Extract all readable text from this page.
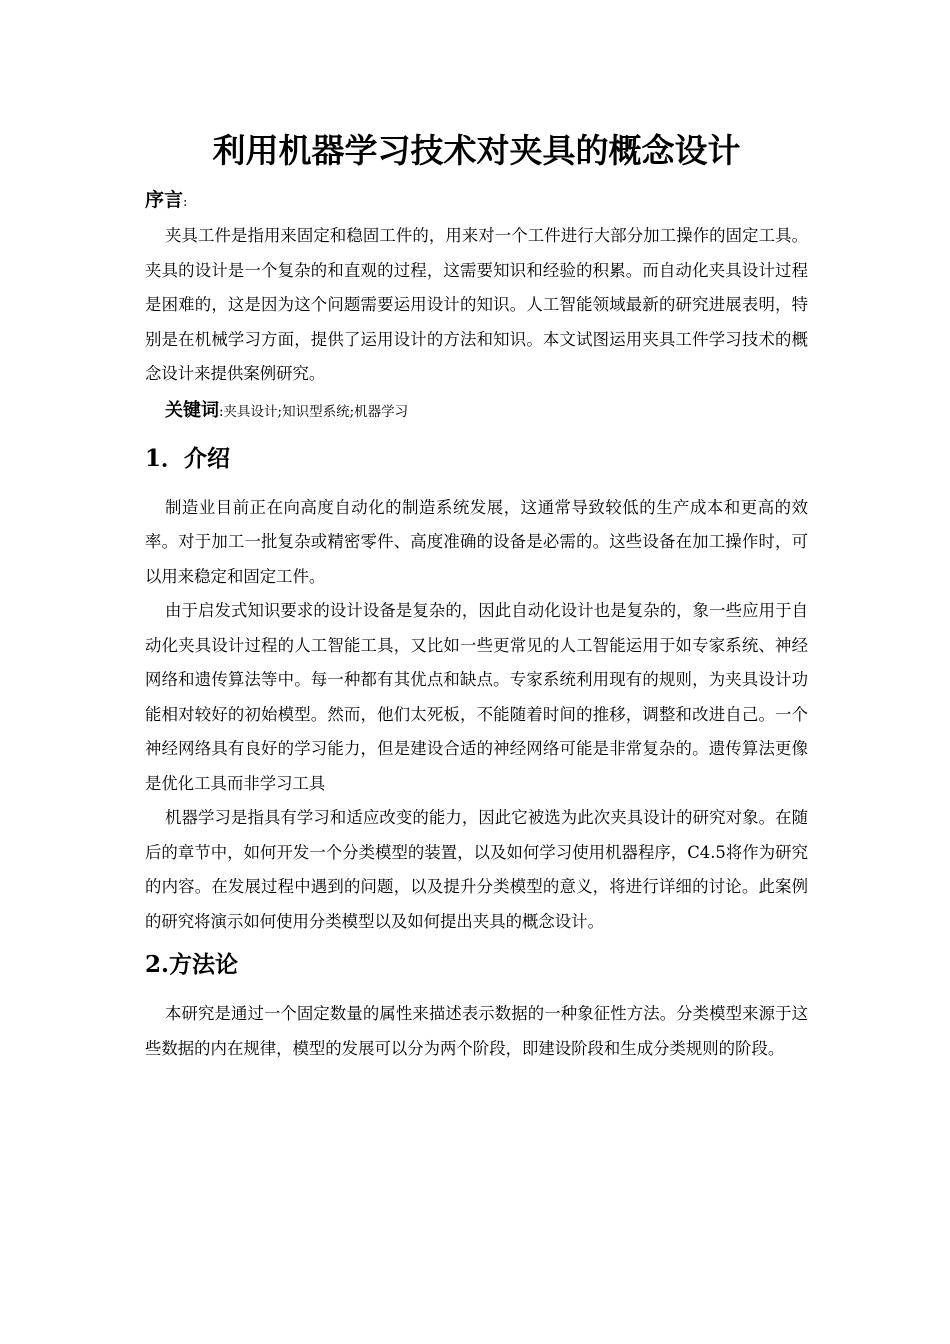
利用机器学习技术对夹具的概念设计

序言:

夹具工件是指用来固定和稳固工件的，用来对一个工件进行大部分加工操作的固定工具。夹具的设计是一个复杂的和直观的过程，这需要知识和经验的积累。而自动化夹具设计过程是困难的，这是因为这个问题需要运用设计的知识。人工智能领域最新的研究进展表明，特别是在机械学习方面，提供了运用设计的方法和知识。本文试图运用夹具工件学习技术的概念设计来提供案例研究。

关键词:夹具设计;知识型系统;机器学习

1．介绍

制造业目前正在向高度自动化的制造系统发展，这通常导致较低的生产成本和更高的效率。对于加工一批复杂或精密零件、高度准确的设备是必需的。这些设备在加工操作时，可以用来稳定和固定工件。

由于启发式知识要求的设计设备是复杂的，因此自动化设计也是复杂的，象一些应用于自动化夹具设计过程的人工智能工具，又比如一些更常见的人工智能运用于如专家系统、神经网络和遗传算法等中。每一种都有其优点和缺点。专家系统利用现有的规则，为夹具设计功能相对较好的初始模型。然而，他们太死板，不能随着时间的推移，调整和改进自己。一个神经网络具有良好的学习能力，但是建设合适的神经网络可能是非常复杂的。遗传算法更像是优化工具而非学习工具

机器学习是指具有学习和适应改变的能力，因此它被选为此次夹具设计的研究对象。在随后的章节中，如何开发一个分类模型的装置，以及如何学习使用机器程序，C4.5将作为研究的内容。在发展过程中遇到的问题，以及提升分类模型的意义，将进行详细的讨论。此案例的研究将演示如何使用分类模型以及如何提出夹具的概念设计。

2.方法论

本研究是通过一个固定数量的属性来描述表示数据的一种象征性方法。分类模型来源于这些数据的内在规律，模型的发展可以分为两个阶段，即建设阶段和生成分类规则的阶段。
